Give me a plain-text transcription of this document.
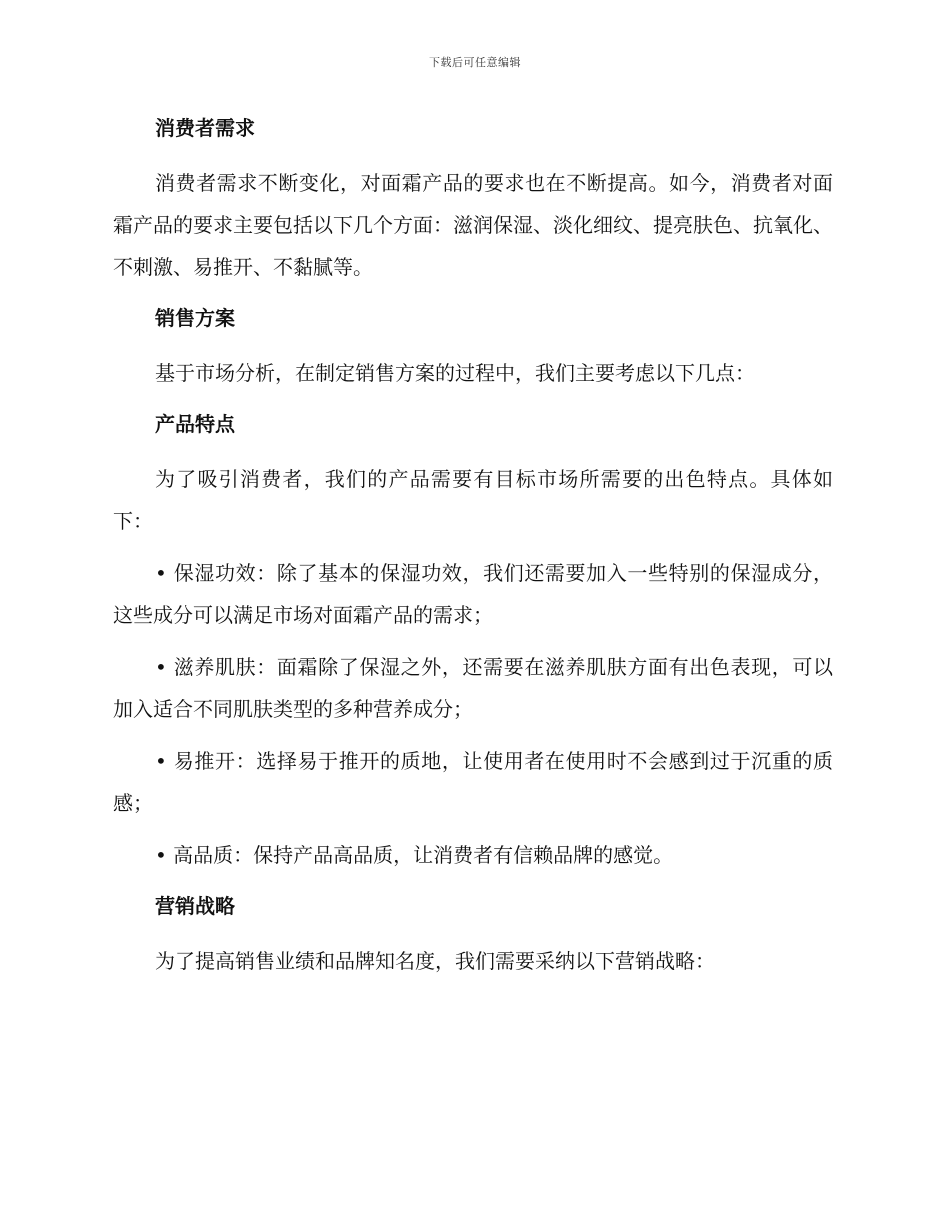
下载后可任意编辑
消费者需求

消费者需求不断变化，对面霜产品的要求也在不断提高。如今，消费者对面霜产品的要求主要包括以下几个方面：滋润保湿、淡化细纹、提亮肤色、抗氧化、不刺激、易推开、不黏腻等。

销售方案

基于市场分析，在制定销售方案的过程中，我们主要考虑以下几点：

产品特点

为了吸引消费者，我们的产品需要有目标市场所需要的出色特点。具体如下：

• 保湿功效：除了基本的保湿功效，我们还需要加入一些特别的保湿成分，这些成分可以满足市场对面霜产品的需求；

• 滋养肌肤：面霜除了保湿之外，还需要在滋养肌肤方面有出色表现，可以加入适合不同肌肤类型的多种营养成分；

• 易推开：选择易于推开的质地，让使用者在使用时不会感到过于沉重的质感；

• 高品质：保持产品高品质，让消费者有信赖品牌的感觉。

营销战略

为了提高销售业绩和品牌知名度，我们需要采纳以下营销战略：
